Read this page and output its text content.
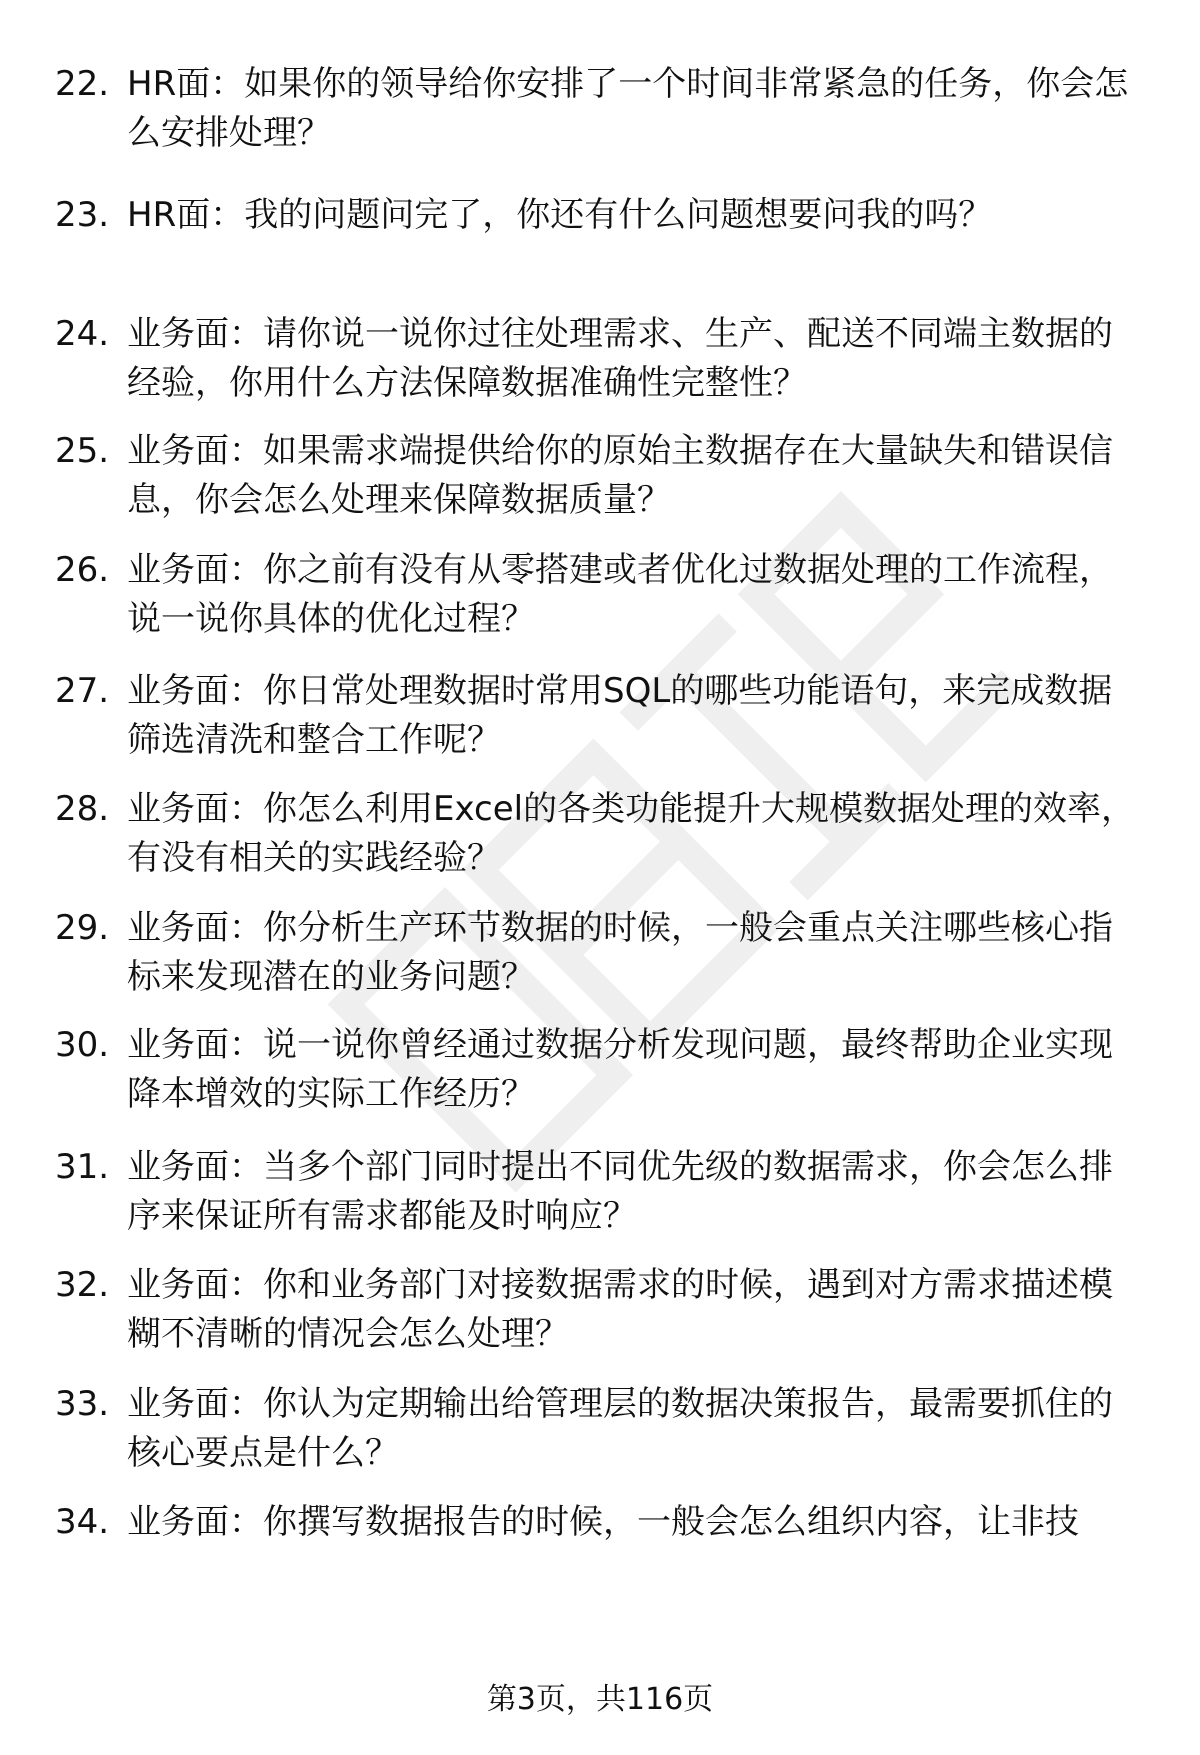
22. HR面：如果你的领导给你安排了一个时间非常紧急的任务，你会怎么安排处理？
23. HR面：我的问题问完了，你还有什么问题想要问我的吗？
24. 业务面：请你说一说你过往处理需求、生产、配送不同端主数据的经验，你用什么方法保障数据准确性完整性？
25. 业务面：如果需求端提供给你的原始主数据存在大量缺失和错误信息，你会怎么处理来保障数据质量？
26. 业务面：你之前有没有从零搭建或者优化过数据处理的工作流程，说一说你具体的优化过程？
27. 业务面：你日常处理数据时常用SQL的哪些功能语句，来完成数据筛选清洗和整合工作呢？
28. 业务面：你怎么利用Excel的各类功能提升大规模数据处理的效率，有没有相关的实践经验？
29. 业务面：你分析生产环节数据的时候，一般会重点关注哪些核心指标来发现潜在的业务问题？
30. 业务面：说一说你曾经通过数据分析发现问题，最终帮助企业实现降本增效的实际工作经历？
31. 业务面：当多个部门同时提出不同优先级的数据需求，你会怎么排序来保证所有需求都能及时响应？
32. 业务面：你和业务部门对接数据需求的时候，遇到对方需求描述模糊不清晰的情况会怎么处理？
33. 业务面：你认为定期输出给管理层的数据决策报告，最需要抓住的核心要点是什么？
34. 业务面：你撰写数据报告的时候，一般会怎么组织内容，让非技
第3页，共116页
